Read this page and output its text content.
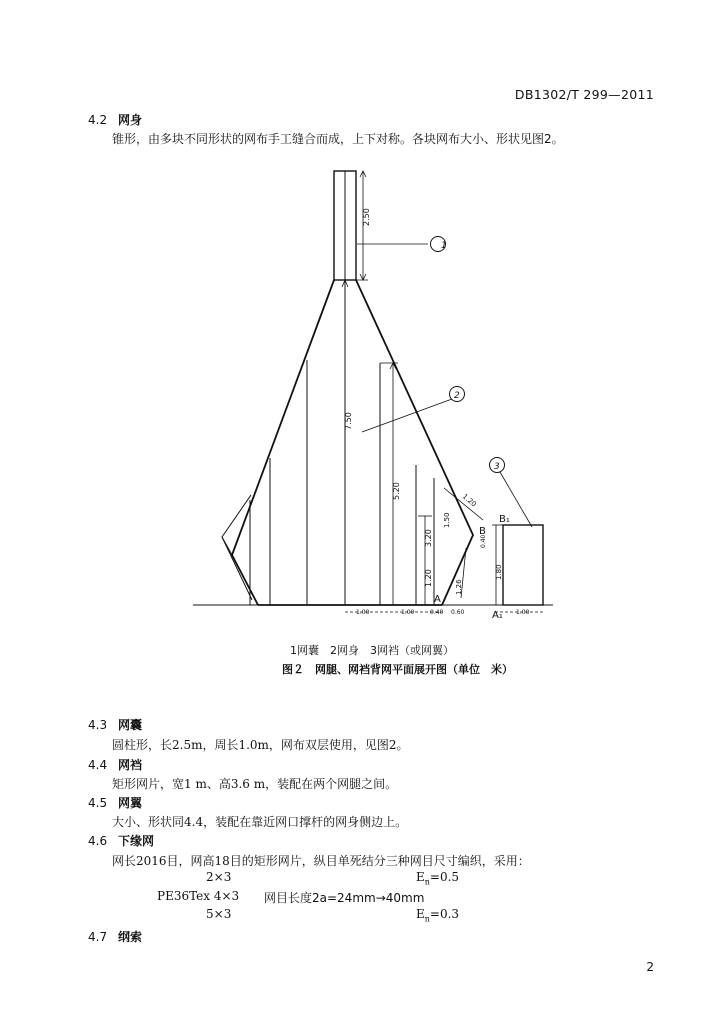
DB1302/T 299—2011
4.2 网身
锥形，由多块不同形状的网布手工缝合而成，上下对称。各块网布大小、形状见图2。
1
2
3
2.50
7.50
5.20
3.20
1.20
1.50
1.20
0.40
1.26
1.80
1.00	1.00	0.40 0.60	1.00
A
B
A₁
B₁
1网囊　2网身　3网裆（或网翼）
图２　网腿、网裆背网平面展开图（单位　米）
4.3 网囊
圆柱形，长2.5m，周长1.0m，网布双层使用，见图2。
4.4 网裆
矩形网片，宽1 m、高3.6 m，装配在两个网腿之间。
4.5 网翼
大小、形状同4.4，装配在靠近网口撑杆的网身侧边上。
4.6 下缘网
网长2016目，网高18目的矩形网片，纵目单死结分三种网目尺寸编织，采用：
2×3	$E_n=0.5$
PE36Tex 4×3 网目长度2a=24mm→40mm
5×3	$E_n=0.3$
4.7 纲索
2
